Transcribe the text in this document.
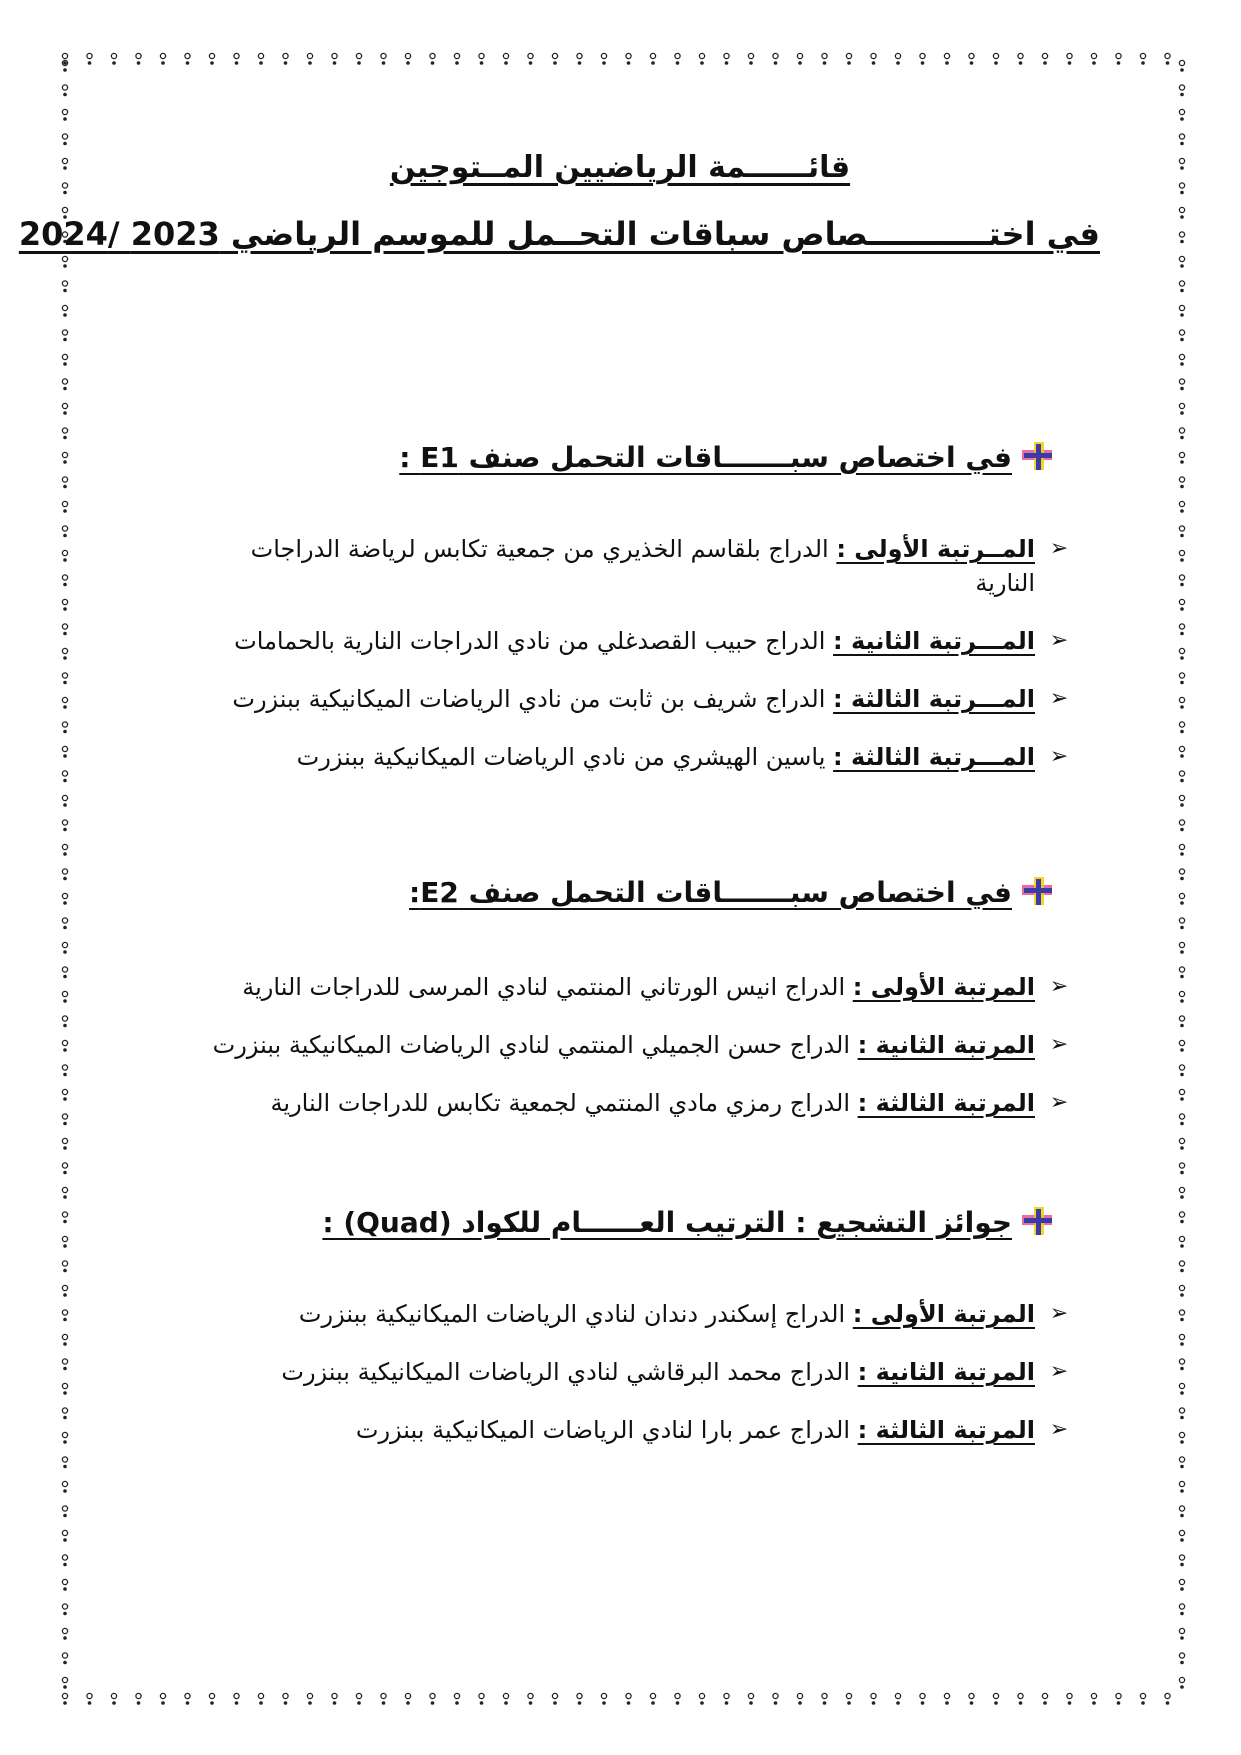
قائــــــمة الرياضيين المــتوجين
في اختـــــــــــصاص سباقات التحــمل للموسم الرياضي 2023 /2024
في اختصاص سبـــــــاقات التحمل صنف E1 :
➢
المــرتبة الأولى : الدراج بلقاسم الخذيري من جمعية تكابس لرياضة الدراجات النارية
➢
المـــرتبة الثانية : الدراج حبيب القصدغلي من نادي الدراجات النارية بالحمامات
➢
المـــرتبة الثالثة : الدراج شريف بن ثابت من نادي الرياضات الميكانيكية ببنزرت
➢
المـــرتبة الثالثة : ياسين الهيشري من نادي الرياضات الميكانيكية ببنزرت
في اختصاص سبـــــــاقات التحمل صنف E2:
➢
المرتبة الأولى : الدراج انيس الورتاني المنتمي لنادي المرسى للدراجات النارية
➢
المرتبة الثانية : الدراج حسن الجميلي المنتمي لنادي الرياضات الميكانيكية ببنزرت
➢
المرتبة الثالثة : الدراج رمزي مادي المنتمي لجمعية تكابس للدراجات النارية
جوائز التشجيع : الترتيب العــــــام للكواد (Quad) :
➢
المرتبة الأولى : الدراج إسكندر دندان لنادي الرياضات الميكانيكية ببنزرت
➢
المرتبة الثانية : الدراج محمد البرقاشي لنادي الرياضات الميكانيكية ببنزرت
➢
المرتبة الثالثة : الدراج عمر بارا لنادي الرياضات الميكانيكية ببنزرت
